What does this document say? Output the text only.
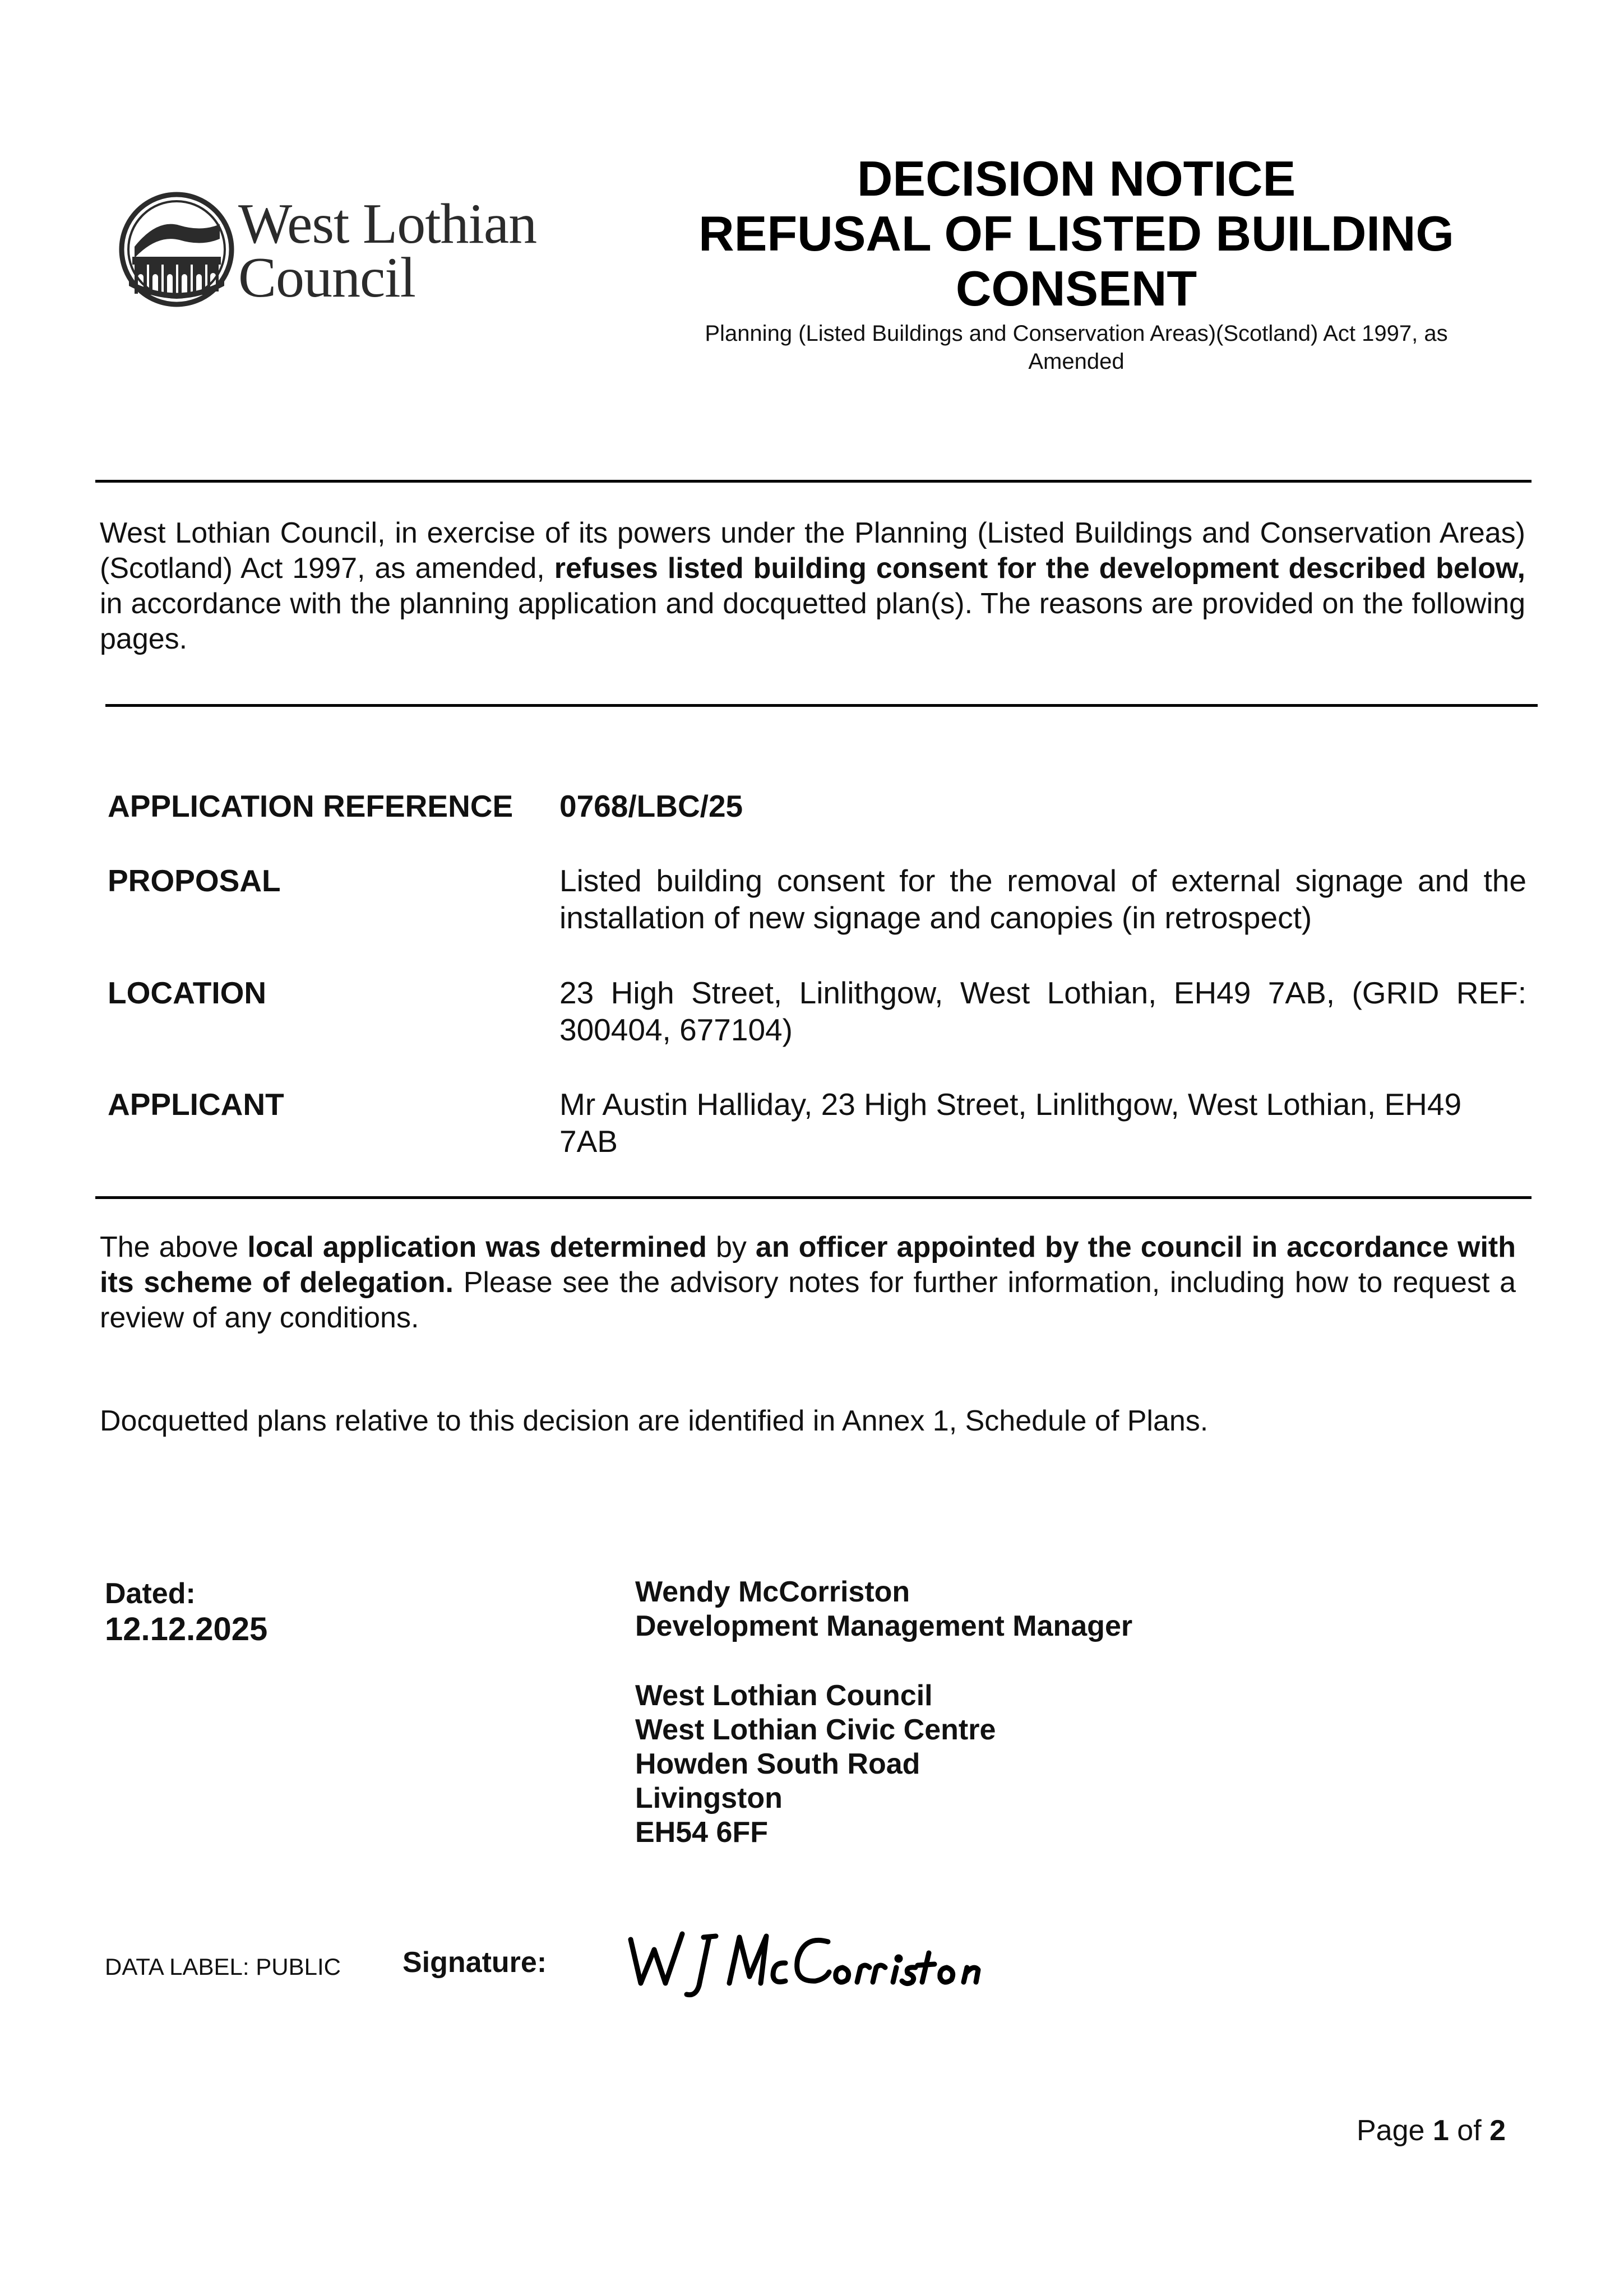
West Lothian
Council
DECISION NOTICE
REFUSAL OF LISTED BUILDING
CONSENT
Planning (Listed Buildings and Conservation Areas)(Scotland) Act 1997, as
Amended
West Lothian Council, in exercise of its powers under the Planning (Listed Buildings and Conservation Areas)(Scotland) Act 1997, as amended, refuses listed building consent for the development described below, in accordance with the planning application and docquetted plan(s). The reasons are provided on the following pages.
APPLICATION REFERENCE 0768/LBC/25
PROPOSAL	Listed building consent for the removal of external signage and the installation of new signage and canopies (in retrospect)
LOCATION	23 High Street, Linlithgow, West Lothian, EH49 7AB, (GRID REF: 300404, 677104)
APPLICANT	Mr Austin Halliday, 23 High Street, Linlithgow, West Lothian, EH49 7AB
The above local application was determined by an officer appointed by the council in accordance with its scheme of delegation. Please see the advisory notes for further information, including how to request a review of any conditions.
Docquetted plans relative to this decision are identified in Annex 1, Schedule of Plans.
Dated:
12.12.2025
Wendy McCorriston
Development Management Manager
West Lothian Council
West Lothian Civic Centre
Howden South Road
Livingston
EH54 6FF
DATA LABEL: PUBLIC Signature:
Page 1 of 2
